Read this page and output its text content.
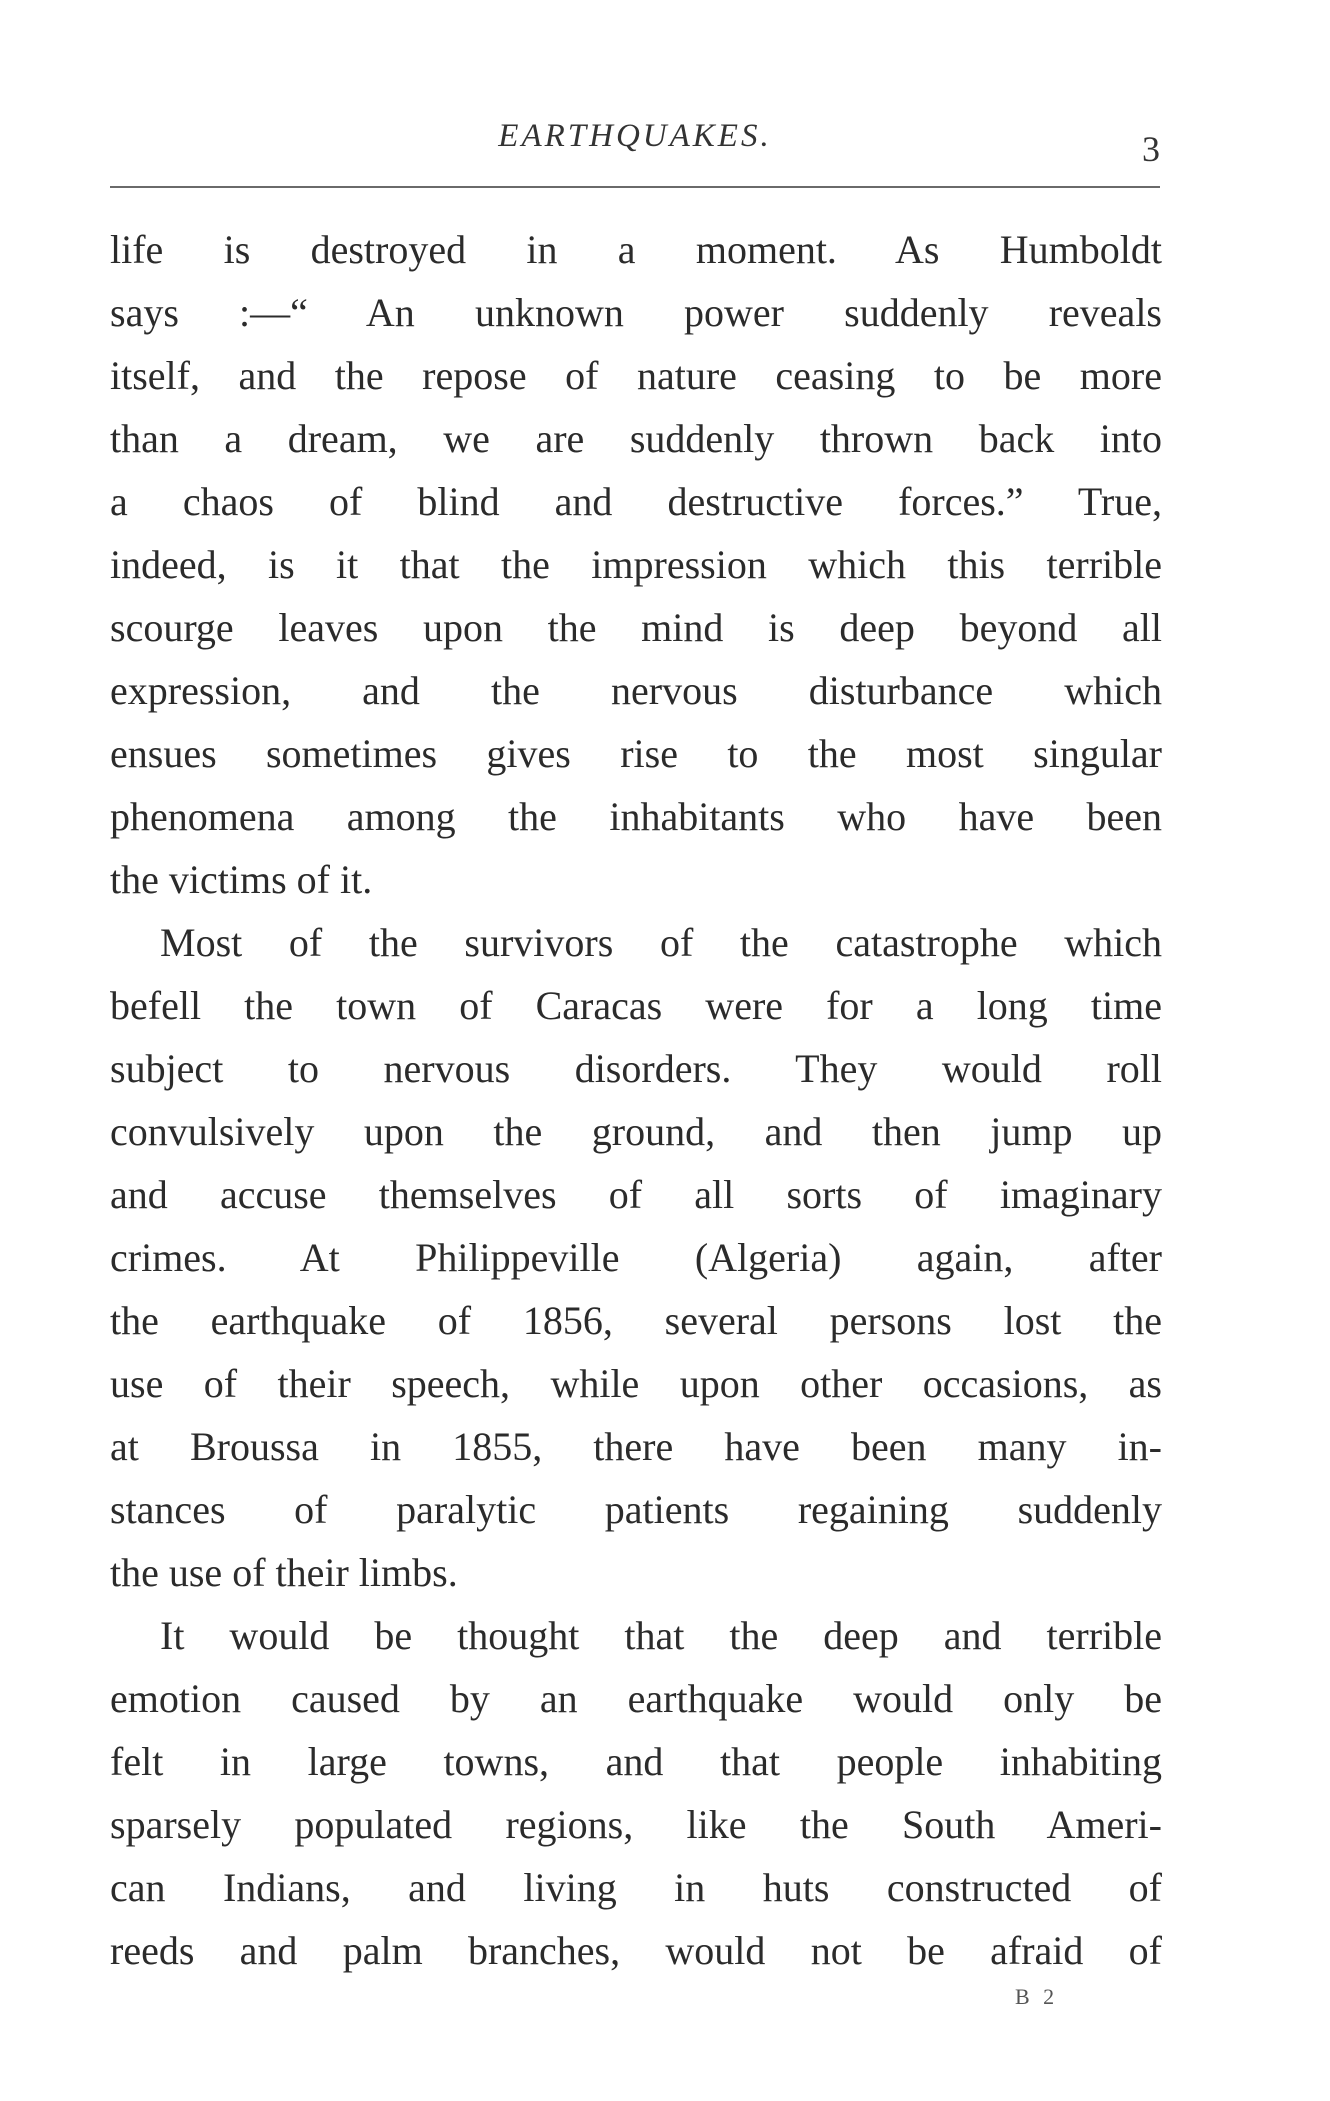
EARTHQUAKES.	3
life is destroyed in a moment. As Humboldt
says :—“ An unknown power suddenly reveals
itself, and the repose of nature ceasing to be more
than a dream, we are suddenly thrown back into
a chaos of blind and destructive forces.” True,
indeed, is it that the impression which this terrible
scourge leaves upon the mind is deep beyond all
expression, and the nervous disturbance which
ensues sometimes gives rise to the most singular
phenomena among the inhabitants who have been
the victims of it.
Most of the survivors of the catastrophe which
befell the town of Caracas were for a long time
subject to nervous disorders. They would roll
convulsively upon the ground, and then jump up
and accuse themselves of all sorts of imaginary
crimes. At Philippeville (Algeria) again, after
the earthquake of 1856, several persons lost the
use of their speech, while upon other occasions, as
at Broussa in 1855, there have been many in-
stances of paralytic patients regaining suddenly
the use of their limbs.
It would be thought that the deep and terrible
emotion caused by an earthquake would only be
felt in large towns, and that people inhabiting
sparsely populated regions, like the South Ameri-
can Indians, and living in huts constructed of
reeds and palm branches, would not be afraid of
B 2
